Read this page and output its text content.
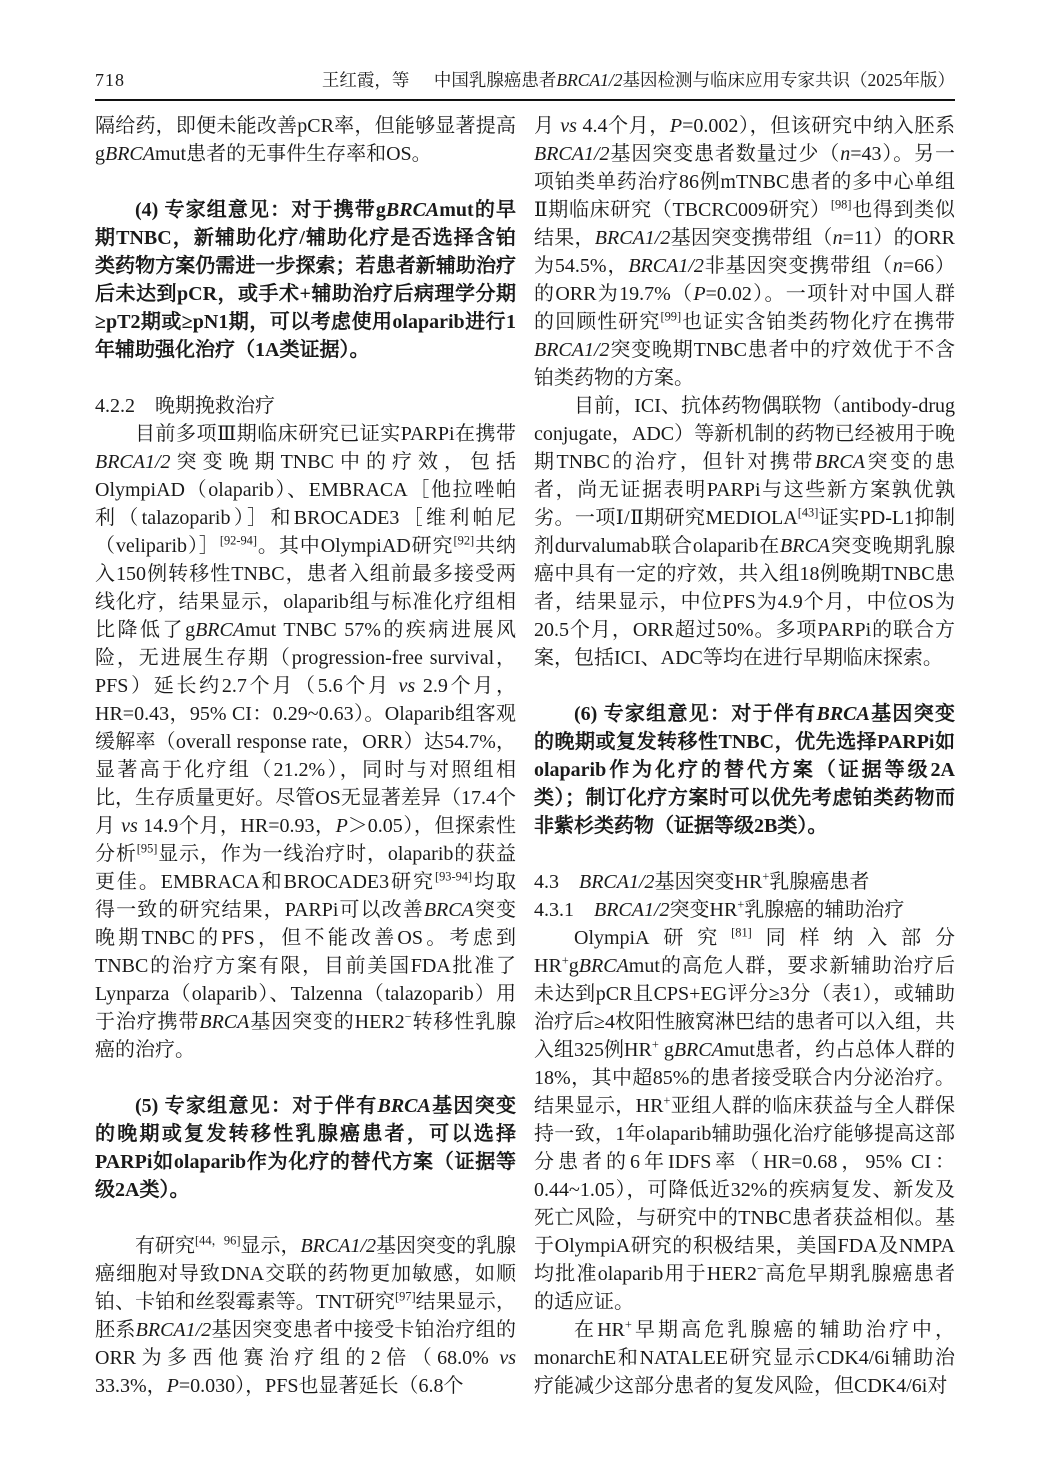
718	王红霞，等 中国乳腺癌患者BRCA1/2基因检测与临床应用专家共识（2025年版）

隔给药，即便未能改善pCR率，但能够显著提高gBRCAmut患者的无事件生存率和OS。

(4) 专家组意见：对于携带gBRCAmut的早期TNBC，新辅助化疗/辅助化疗是否选择含铂类药物方案仍需进一步探索；若患者新辅助治疗后未达到pCR，或手术+辅助治疗后病理学分期≥pT2期或≥pN1期，可以考虑使用olaparib进行1年辅助强化治疗（1A类证据）。

4.2.2　晚期挽救治疗

目前多项Ⅲ期临床研究已证实PARPi在携带BRCA1/2突变晚期TNBC中的疗效，包括OlympiAD（olaparib）、EMBRACA［他拉唑帕利（talazoparib）］和BROCADE3［维利帕尼（veliparib）］[92-94]。其中OlympiAD研究[92]共纳入150例转移性TNBC，患者入组前最多接受两线化疗，结果显示，olaparib组与标准化疗组相比降低了gBRCAmut TNBC 57%的疾病进展风险，无进展生存期（progression-free survival，PFS）延长约2.7个月（5.6个月 vs 2.9个月，HR=0.43，95% CI：0.29~0.63）。Olaparib组客观缓解率（overall response rate，ORR）达54.7%，显著高于化疗组（21.2%），同时与对照组相比，生存质量更好。尽管OS无显著差异（17.4个月 vs 14.9个月，HR=0.93，P＞0.05），但探索性分析[95]显示，作为一线治疗时，olaparib的获益更佳。EMBRACA和BROCADE3研究[93-94]均取得一致的研究结果，PARPi可以改善BRCA突变晚期TNBC的PFS，但不能改善OS。考虑到TNBC的治疗方案有限，目前美国FDA批准了Lynparza（olaparib）、Talzenna（talazoparib）用于治疗携带BRCA基因突变的HER2−转移性乳腺癌的治疗。

(5) 专家组意见：对于伴有BRCA基因突变的晚期或复发转移性乳腺癌患者，可以选择PARPi如olaparib作为化疗的替代方案（证据等级2A类）。

有研究[44，96]显示，BRCA1/2基因突变的乳腺癌细胞对导致DNA交联的药物更加敏感，如顺铂、卡铂和丝裂霉素等。TNT研究[97]结果显示，胚系BRCA1/2基因突变患者中接受卡铂治疗组的ORR为多西他赛治疗组的2倍（68.0% vs 33.3%，P=0.030），PFS也显著延长（6.8个

月 vs 4.4个月，P=0.002），但该研究中纳入胚系BRCA1/2基因突变患者数量过少（n=43）。另一项铂类单药治疗86例mTNBC患者的多中心单组Ⅱ期临床研究（TBCRC009研究）[98]也得到类似结果，BRCA1/2基因突变携带组（n=11）的ORR为54.5%，BRCA1/2非基因突变携带组（n=66）的ORR为19.7%（P=0.02）。一项针对中国人群的回顾性研究[99]也证实含铂类药物化疗在携带BRCA1/2突变晚期TNBC患者中的疗效优于不含铂类药物的方案。

目前，ICI、抗体药物偶联物（antibody-drug conjugate，ADC）等新机制的药物已经被用于晚期TNBC的治疗，但针对携带BRCA突变的患者，尚无证据表明PARPi与这些新方案孰优孰劣。一项Ⅰ/Ⅱ期研究MEDIOLA[43]证实PD-L1抑制剂durvalumab联合olaparib在BRCA突变晚期乳腺癌中具有一定的疗效，共入组18例晚期TNBC患者，结果显示，中位PFS为4.9个月，中位OS为20.5个月，ORR超过50%。多项PARPi的联合方案，包括ICI、ADC等均在进行早期临床探索。

(6) 专家组意见：对于伴有BRCA基因突变的晚期或复发转移性TNBC，优先选择PARPi如olaparib作为化疗的替代方案（证据等级2A类）；制订化疗方案时可以优先考虑铂类药物而非紫杉类药物（证据等级2B类）。

4.3　BRCA1/2基因突变HR+乳腺癌患者
4.3.1　BRCA1/2突变HR+乳腺癌的辅助治疗

OlympiA研究[81]同样纳入部分HR+gBRCAmut的高危人群，要求新辅助治疗后未达到pCR且CPS+EG评分≥3分（表1），或辅助治疗后≥4枚阳性腋窝淋巴结的患者可以入组，共入组325例HR+ gBRCAmut患者，约占总体人群的18%，其中超85%的患者接受联合内分泌治疗。结果显示，HR+亚组人群的临床获益与全人群保持一致，1年olaparib辅助强化治疗能够提高这部分患者的6年IDFS率（HR=0.68，95% CI：0.44~1.05），可降低近32%的疾病复发、新发及死亡风险，与研究中的TNBC患者获益相似。基于OlympiA研究的积极结果，美国FDA及NMPA均批准olaparib用于HER2−高危早期乳腺癌患者的适应证。

在HR+早期高危乳腺癌的辅助治疗中，monarchE和NATALEE研究显示CDK4/6i辅助治疗能减少这部分患者的复发风险，但CDK4/6i对
